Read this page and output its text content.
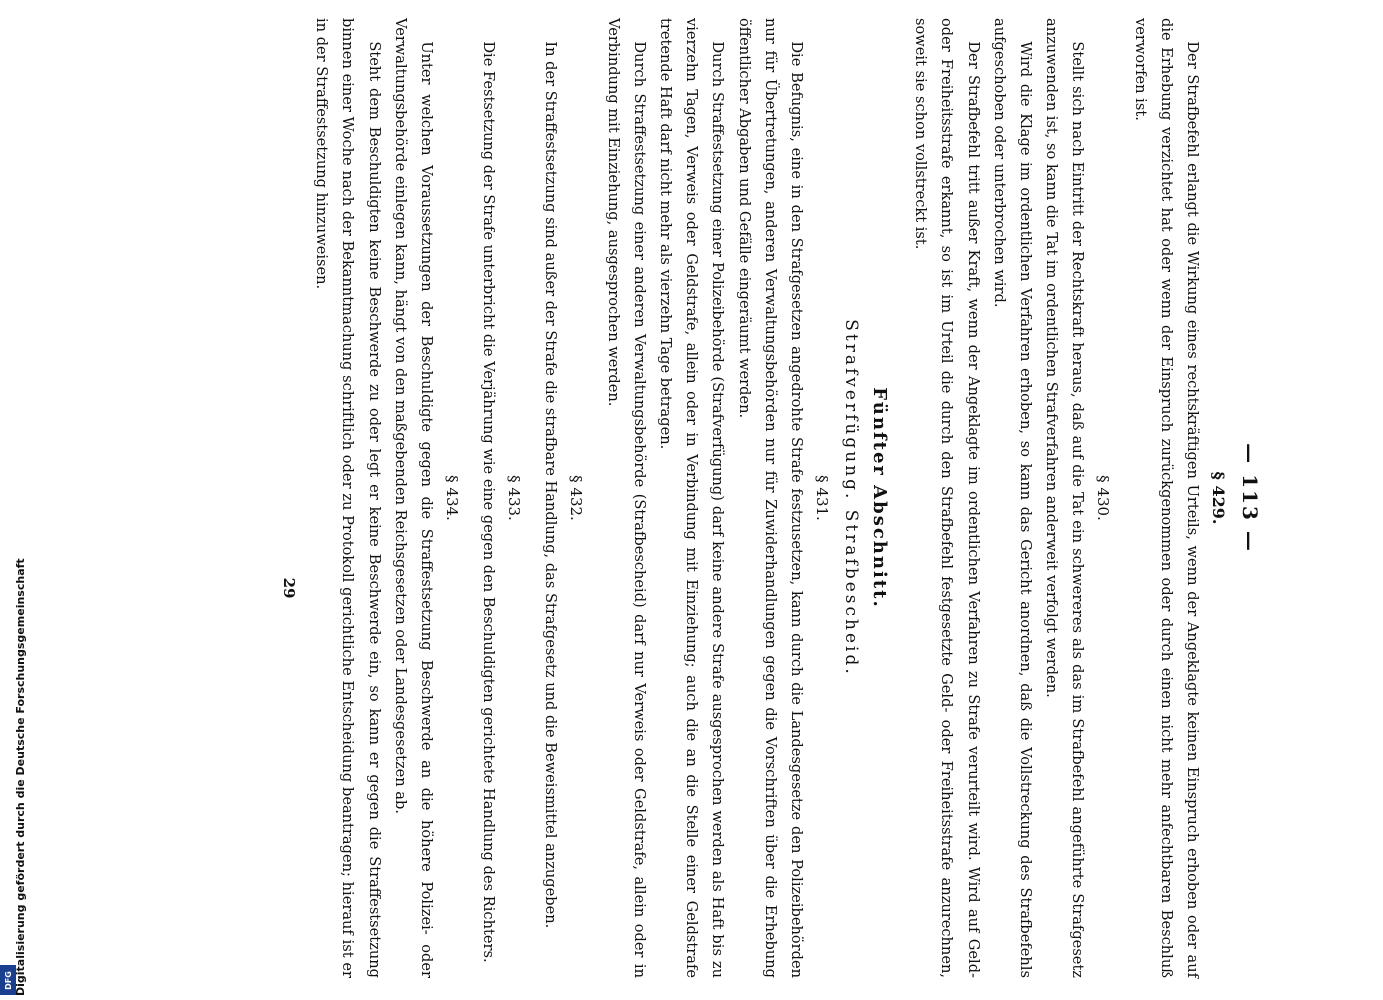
— 113 —
§ 429.

Der Strafbefehl erlangt die Wirkung eines rechtskräftigen Urteils, wenn der Angeklagte keinen Einspruch erhoben oder auf die Erhebung verzichtet hat oder wenn der Einspruch zurückgenommen oder durch einen nicht mehr anfechtbaren Beschluß verworfen ist.

§ 430.

Stellt sich nach Eintritt der Rechtskraft heraus, daß auf die Tat ein schwereres als das im Strafbefehl angeführte Strafgesetz anzuwenden ist, so kann die Tat im ordentlichen Strafverfahren anderweit verfolgt werden.

Wird die Klage im ordentlichen Verfahren erhoben, so kann das Gericht anordnen, daß die Vollstreckung des Strafbefehls aufgeschoben oder unterbrochen wird.

Der Strafbefehl tritt außer Kraft, wenn der Angeklagte im ordentlichen Verfahren zu Strafe verurteilt wird. Wird auf Geld- oder Freiheitsstrafe erkannt, so ist im Urteil die durch den Strafbefehl festgesetzte Geld- oder Freiheitsstrafe anzurechnen, soweit sie schon vollstreckt ist.

Fünfter Abschnitt.
Strafverfügung. Strafbescheid.
§ 431.

Die Befugnis, eine in den Strafgesetzen angedrohte Strafe festzusetzen, kann durch die Landesgesetze den Polizeibehörden nur für Übertretungen, anderen Verwaltungsbehörden nur für Zuwiderhandlungen gegen die Vorschriften über die Erhebung öffentlicher Abgaben und Gefälle eingeräumt werden.

Durch Straffestsetzung einer Polizeibehörde (Strafverfügung) darf keine andere Strafe ausgesprochen werden als Haft bis zu vierzehn Tagen, Verweis oder Geldstrafe, allein oder in Verbindung mit Einziehung; auch die an die Stelle einer Geldstrafe tretende Haft darf nicht mehr als vierzehn Tage betragen.

Durch Straffestsetzung einer anderen Verwaltungsbehörde (Strafbescheid) darf nur Verweis oder Geldstrafe, allein oder in Verbindung mit Einziehung, ausgesprochen werden.

§ 432.

In der Straffestsetzung sind außer der Strafe die strafbare Handlung, das Strafgesetz und die Beweismittel anzugeben.

§ 433.

Die Festsetzung der Strafe unterbricht die Verjährung wie eine gegen den Beschuldigten gerichtete Handlung des Richters.

§ 434.

Unter welchen Voraussetzungen der Beschuldigte gegen die Straffestsetzung Beschwerde an die höhere Polizei- oder Verwaltungsbehörde einlegen kann, hängt von den maßgebenden Reichsgesetzen oder Landesgesetzen ab.

Steht dem Beschuldigten keine Beschwerde zu oder legt er keine Beschwerde ein, so kann er gegen die Straffestsetzung binnen einer Woche nach der Bekanntmachung schriftlich oder zu Protokoll gerichtliche Entscheidung beantragen; hierauf ist er in der Straffestsetzung hinzuweisen.

29
DFG Digitalisierung gefördert durch die Deutsche Forschungsgemeinschaft
